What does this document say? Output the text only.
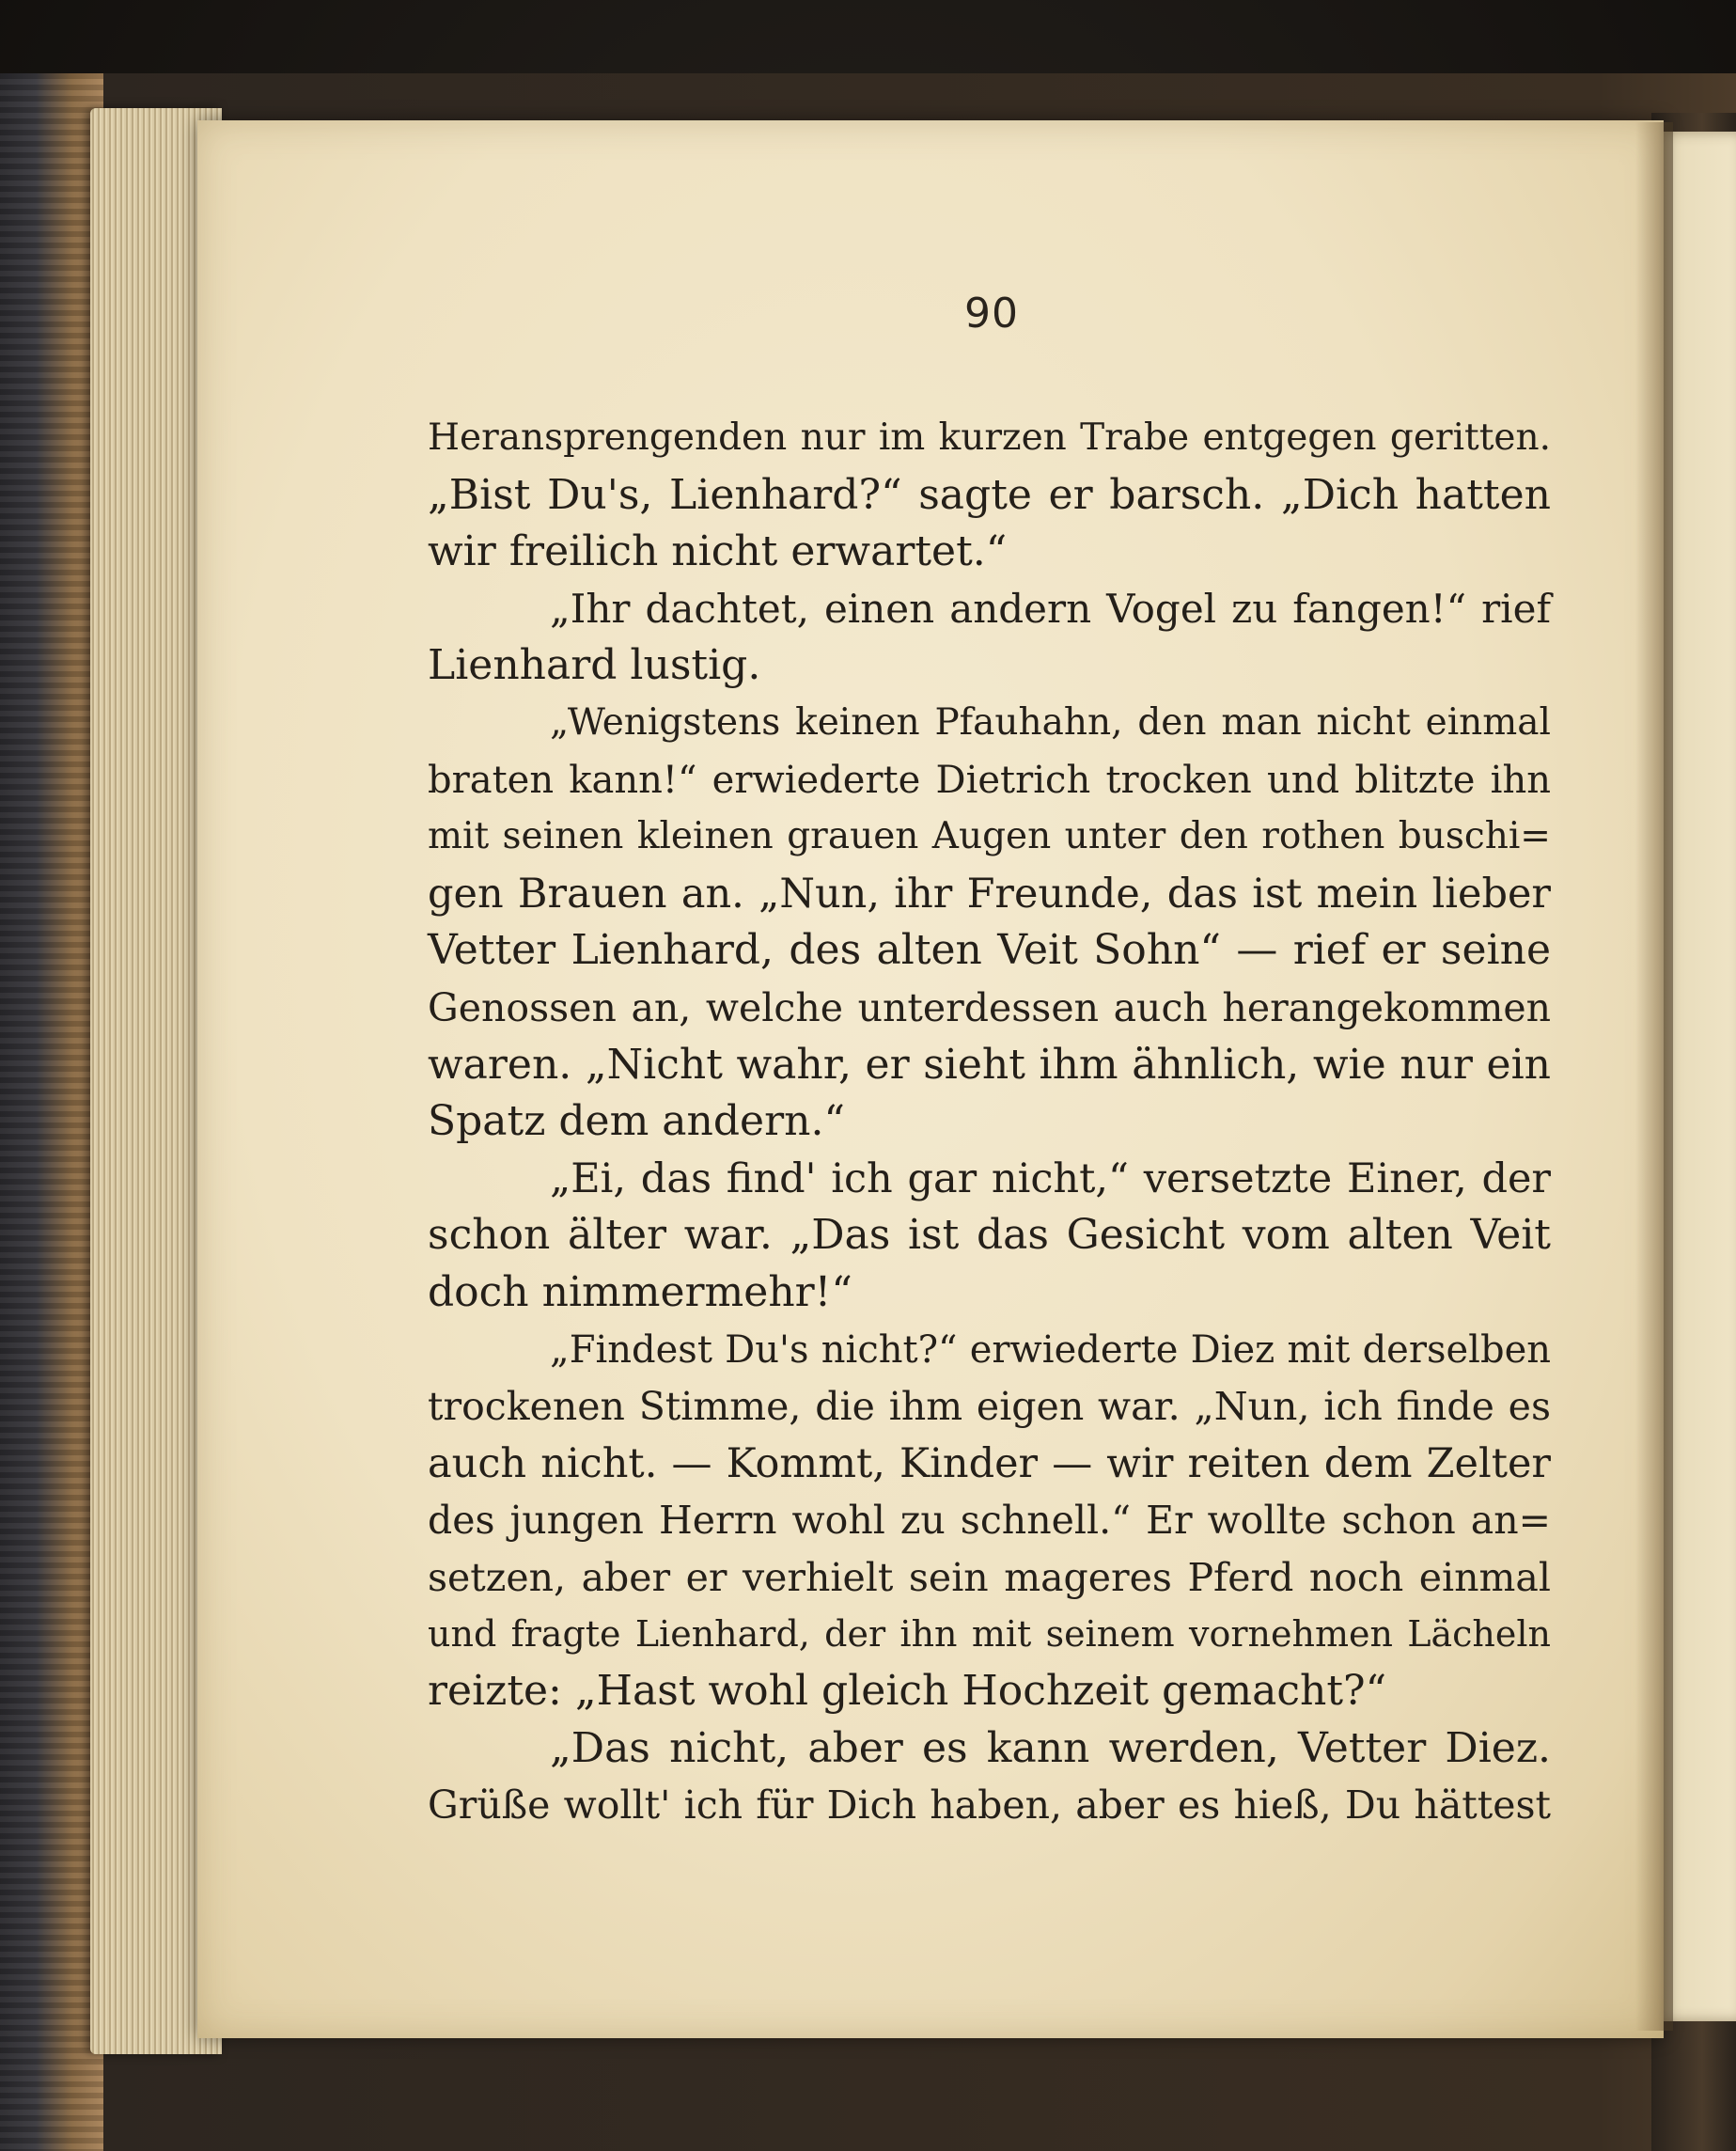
90
Heransprengenden nur im kurzen Trabe entgegen geritten.
„Bist Du's, Lienhard?“ sagte er barsch. „Dich hatten
wir freilich nicht erwartet.“
„Ihr dachtet, einen andern Vogel zu fangen!“ rief
Lienhard lustig.
„Wenigstens keinen Pfauhahn, den man nicht einmal
braten kann!“ erwiederte Dietrich trocken und blitzte ihn
mit seinen kleinen grauen Augen unter den rothen buschi=
gen Brauen an. „Nun, ihr Freunde, das ist mein lieber
Vetter Lienhard, des alten Veit Sohn“ — rief er seine
Genossen an, welche unterdessen auch herangekommen
waren. „Nicht wahr, er sieht ihm ähnlich, wie nur ein
Spatz dem andern.“
„Ei, das find' ich gar nicht,“ versetzte Einer, der
schon älter war. „Das ist das Gesicht vom alten Veit
doch nimmermehr!“
„Findest Du's nicht?“ erwiederte Diez mit derselben
trockenen Stimme, die ihm eigen war. „Nun, ich finde es
auch nicht. — Kommt, Kinder — wir reiten dem Zelter
des jungen Herrn wohl zu schnell.“ Er wollte schon an=
setzen, aber er verhielt sein mageres Pferd noch einmal
und fragte Lienhard, der ihn mit seinem vornehmen Lächeln
reizte: „Hast wohl gleich Hochzeit gemacht?“
„Das nicht, aber es kann werden, Vetter Diez.
Grüße wollt' ich für Dich haben, aber es hieß, Du hättest
